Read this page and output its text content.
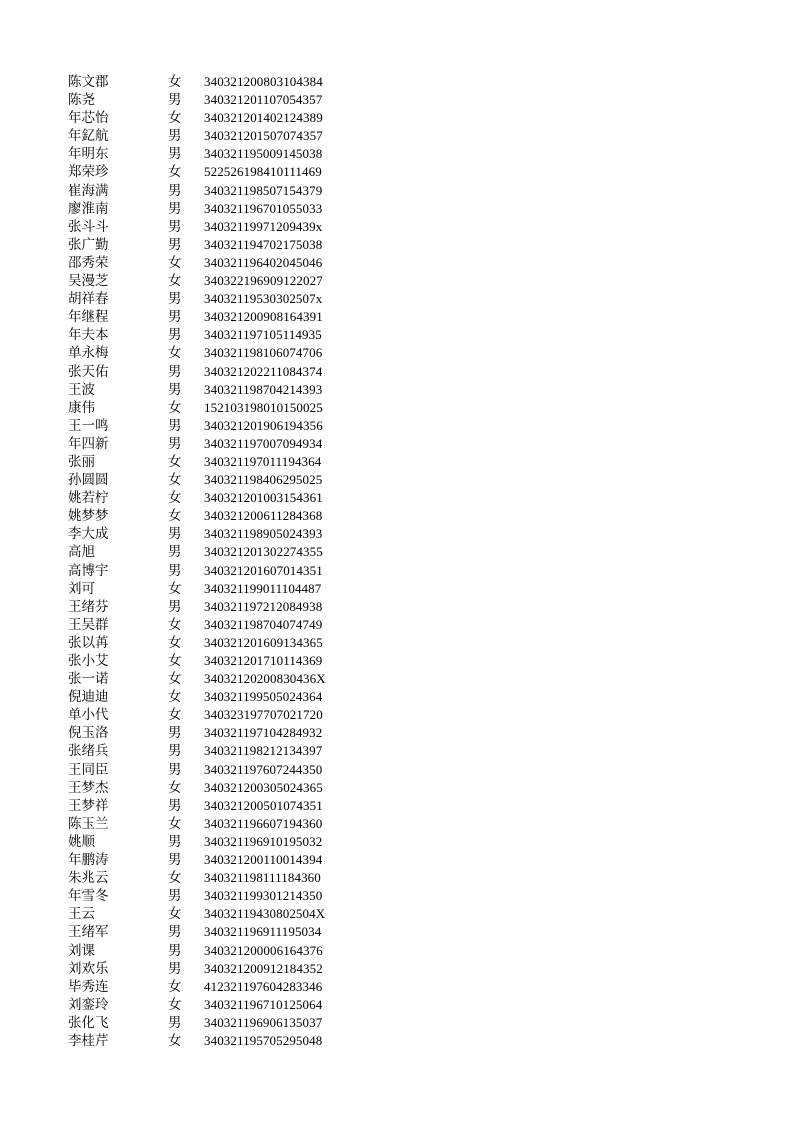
陈文郡	女	340321200803104384
陈尧	男	340321201107054357
年芯怡	女	340321201402124389
年釔航	男	340321201507074357
年明东	男	340321195009145038
郑荣珍	女	522526198410111469
崔海满	男	340321198507154379
廖淮南	男	340321196701055033
张斗斗	男	34032119971209439x
张广勤	男	340321194702175038
邵秀荣	女	340321196402045046
吴漫芝	女	340322196909122027
胡祥春	男	34032119530302507x
年继程	男	340321200908164391
年夫本	男	340321197105114935
单永梅	女	340321198106074706
张天佑	男	340321202211084374
王波	男	340321198704214393
康伟	女	152103198010150025
王一鸣	男	340321201906194356
年四新	男	340321197007094934
张丽	女	340321197011194364
孙圆圆	女	340321198406295025
姚若柠	女	340321201003154361
姚梦梦	女	340321200611284368
李大成	男	340321198905024393
高旭	男	340321201302274355
高博宇	男	340321201607014351
刘可	女	340321199011104487
王绪芬	男	340321197212084938
王吴群	女	340321198704074749
张以苒	女	340321201609134365
张小艾	女	340321201710114369
张一诺	女	34032120200830436X
倪迪迪	女	340321199505024364
单小代	女	340323197707021720
倪玉洛	男	340321197104284932
张绪兵	男	340321198212134397
王同臣	男	340321197607244350
王梦杰	女	340321200305024365
王梦祥	男	340321200501074351
陈玉兰	女	340321196607194360
姚顺	男	340321196910195032
年鹏涛	男	340321200110014394
朱兆云	女	340321198111184360
年雪冬	男	340321199301214350
王云	女	34032119430802504X
王绪军	男	340321196911195034
刘课	男	340321200006164376
刘欢乐	男	340321200912184352
毕秀连	女	412321197604283346
刘銮玲	女	340321196710125064
张化飞	男	340321196906135037
李桂芹	女	340321195705295048
